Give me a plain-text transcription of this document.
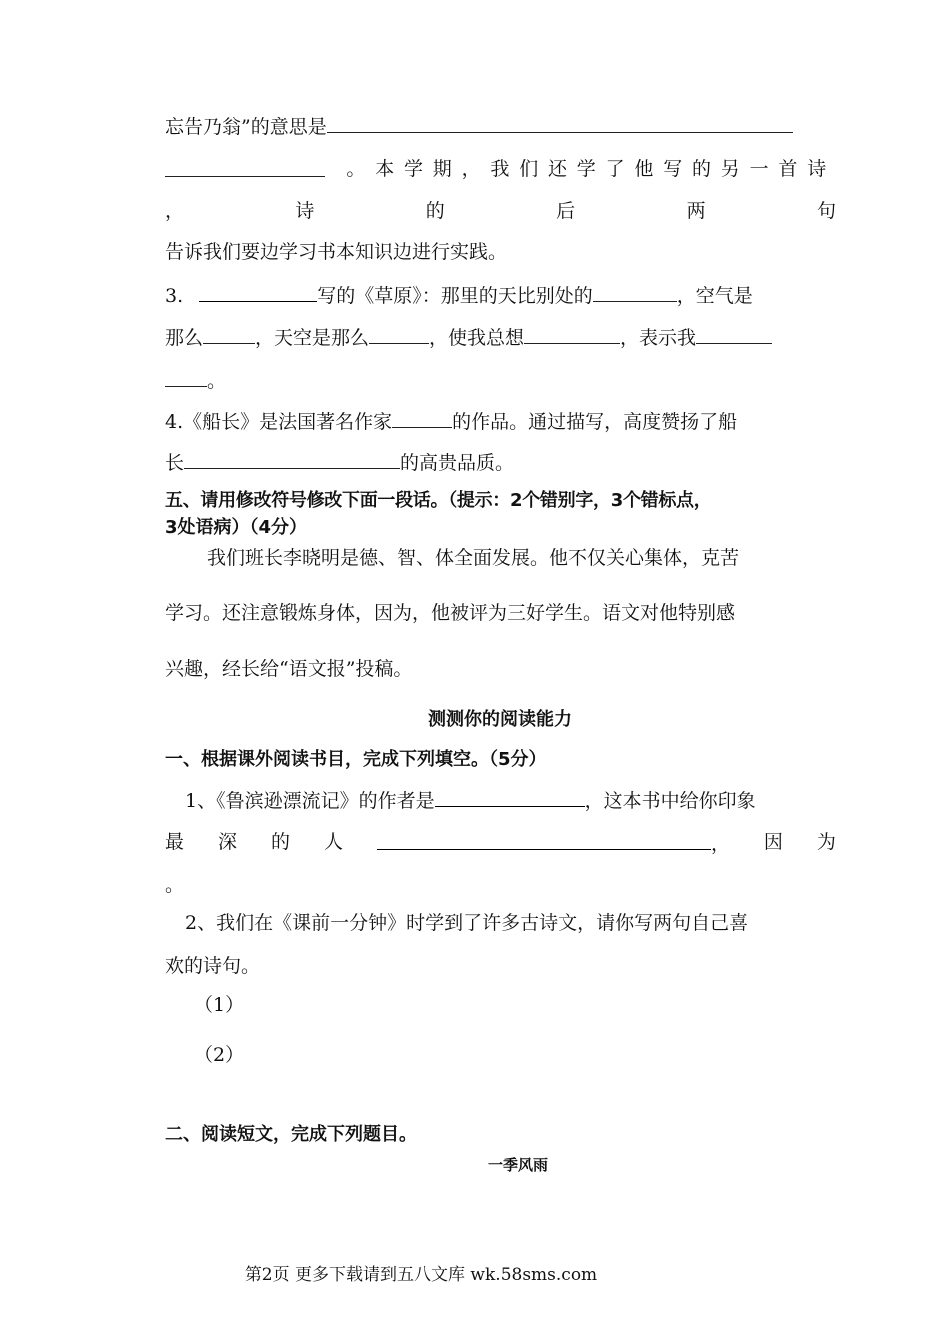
忘告乃翁”的意思是
。本学期，我们还学了他写的另一首诗
，	诗	的	后	两	句
告诉我们要边学习书本知识边进行实践。
3.	写的《草原》：那里的天比别处的	，空气是
那么	，天空是那么	，使我总想	，表示我
。
4.《船长》是法国著名作家	的作品。通过描写，高度赞扬了船
长	的高贵品质。
五、请用修改符号修改下面一段话。（提示：2个错别字，3个错标点，
3处语病）（4分）
我们班长李晓明是德、智、体全面发展。他不仅关心集体，克苦
学习。还注意锻炼身体，因为，他被评为三好学生。语文对他特别感
兴趣，经长给“语文报”投稿。
测测你的阅读能力
一、根据课外阅读书目，完成下列填空。（5分）
1、《鲁滨逊漂流记》的作者是	，这本书中给你印象
最 深 的 人	， 因 为
。
2、我们在《课前一分钟》时学到了许多古诗文，请你写两句自己喜
欢的诗句。
（1）
（2）
二、阅读短文，完成下列题目。
一季风雨
第2页 更多下载请到五八文库 wk.58sms.com
